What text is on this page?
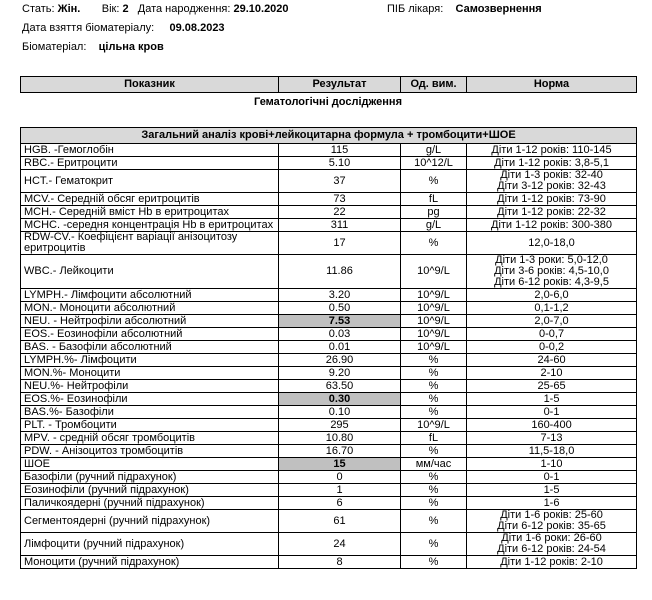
Стать: Жін. Вік: 2 Дата народження: 29.10.2020	ПІБ лікаря: Самозвернення
Дата взяття біоматеріалу: 09.08.2023
Біоматеріал: цільна кров
Показник	Результат	Од. вим.	Норма
Гематологічні дослідження
Загальний аналіз крові+лейкоцитарна формула + тромбоцити+ШОЕ			
HGB. -Гемоглобін	115	g/L	Діти 1-12 років: 110-145

RBC.- Еритроцити	5.10	10^12/L	Діти 1-12 років: 3,8-5,1

HCT.- Гематокрит	37	%	Діти 1-3 років: 32-40
Діти 3-12 років: 32-43

MCV.- Середній обсяг еритроцитів	73	fL	Діти 1-12 років: 73-90

MCH.- Середній вміст Hb в еритроцитах	22	pg	Діти 1-12 років: 22-32

MCHC. -середня концентрація Hb в еритроцитах	311	g/L	Діти 1-12 років: 300-380

RDW-CV.- Коефіцієнт варіації анізоцитозу еритроцитів	17	%	12,0-18,0

WBC.- Лейкоцити	11.86	10^9/L	Діти 1-3 роки: 5,0-12,0
Діти 3-6 років: 4,5-10,0
Діти 6-12 років: 4,3-9,5

LYMPH.- Лімфоцити абсолютний	3.20	10^9/L	2,0-6,0

MON.- Моноцити абсолютний	0.50	10^9/L	0,1-1,2

NEU. - Нейтрофіли абсолютний	7.53	10^9/L	2,0-7,0

EOS.- Еозинофіли абсолютний	0.03	10^9/L	0-0,7

BAS. - Базофіли абсолютний	0.01	10^9/L	0-0,2

LYMPH.%- Лімфоцити	26.90	%	24-60

MON.%- Моноцити	9.20	%	2-10

NEU.%- Нейтрофіли	63.50	%	25-65

EOS.%- Еозинофіли	0.30	%	1-5

BAS.%- Базофіли	0.10	%	0-1

PLT. - Тромбоцити	295	10^9/L	160-400

MPV. - средній обсяг тромбоцитів	10.80	fL	7-13

PDW. - Анізоцитоз тромбоцитів	16.70	%	11,5-18,0

ШОЕ	15	мм/час	1-10

Базофіли (ручний підрахунок)	0	%	0-1

Еозинофіли (ручний підрахунок)	1	%	1-5

Паличкоядерні (ручний підрахунок)	6	%	1-6

Сегментоядерні (ручний підрахунок)	61	%	Діти 1-6 років: 25-60
Діти 6-12 років: 35-65

Лімфоцити (ручний підрахунок)	24	%	Діти 1-6 роки: 26-60
Діти 6-12 років: 24-54

Моноцити (ручний підрахунок)	8	%	Діти 1-12 років: 2-10
